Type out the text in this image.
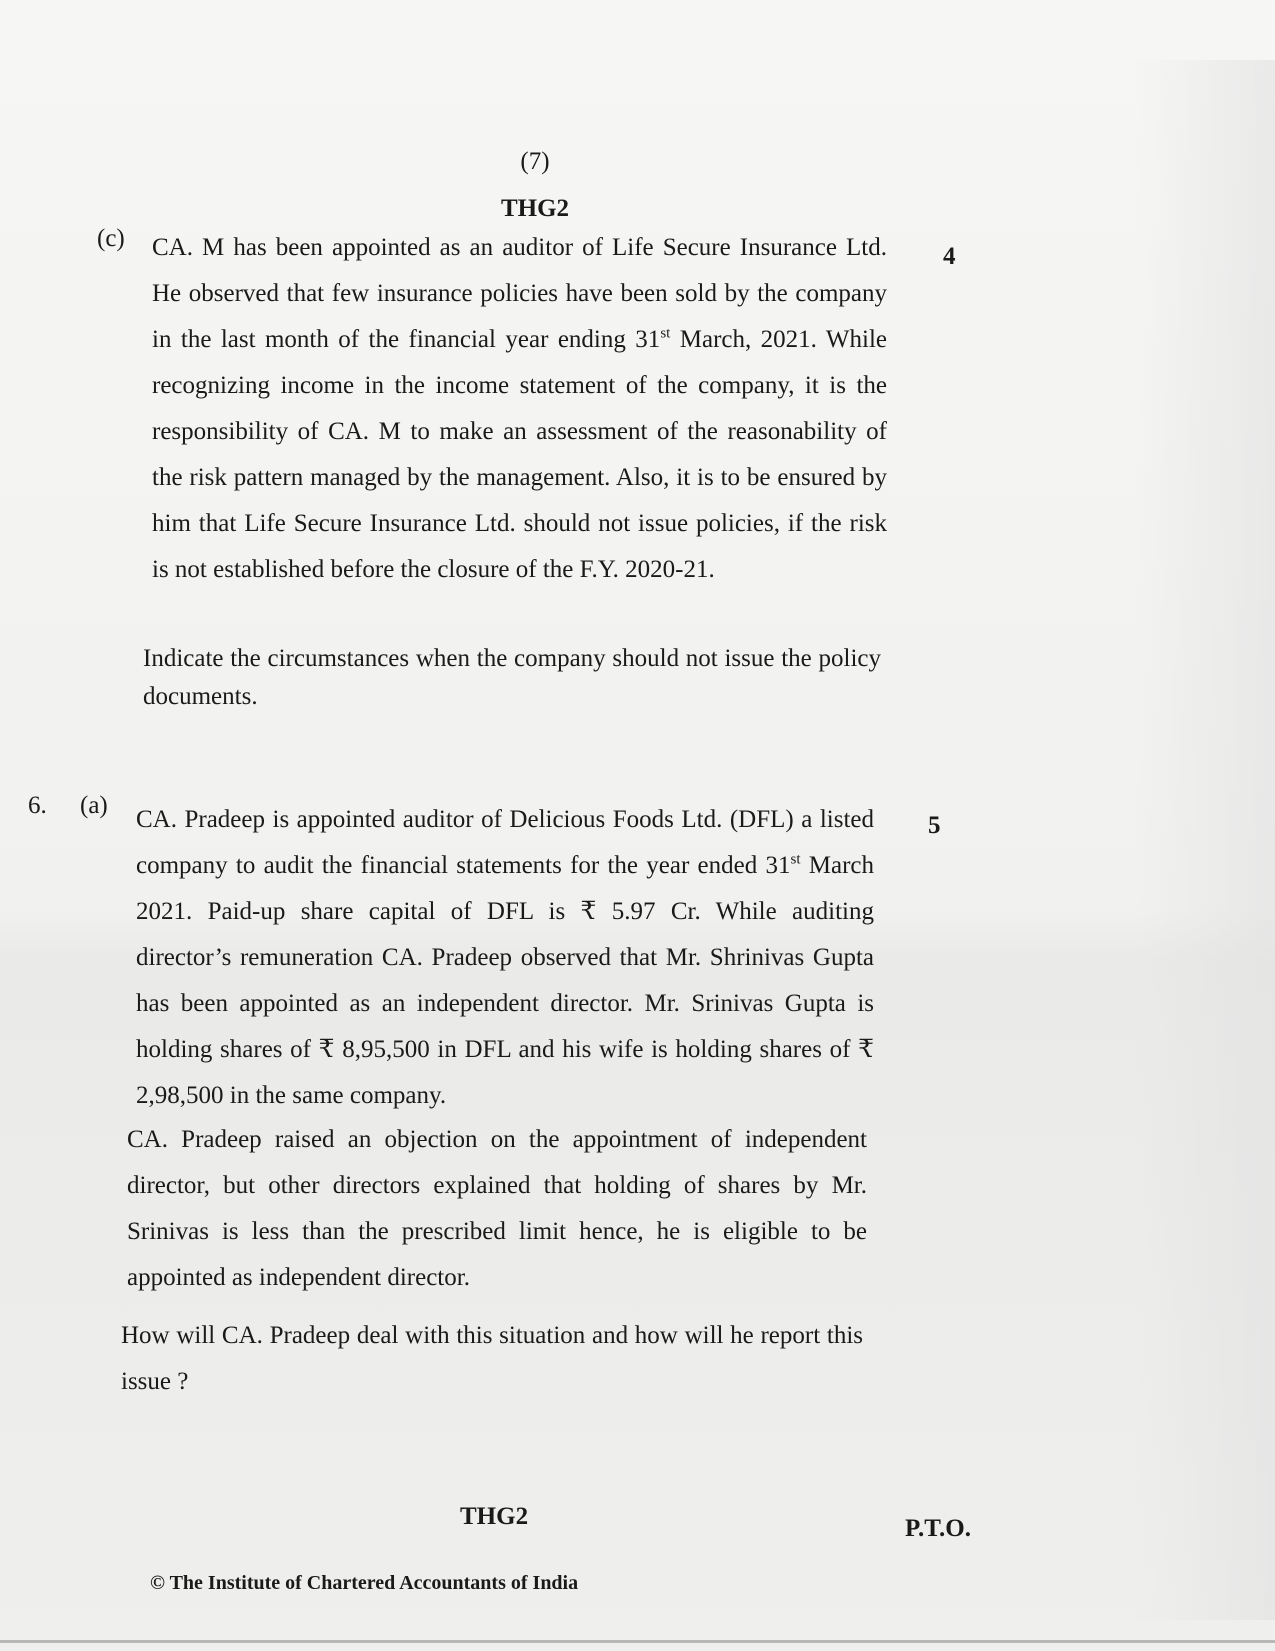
(7)
THG2
(c)
4
CA. M has been appointed as an auditor of Life Secure Insurance Ltd. He observed that few insurance policies have been sold by the company in the last month of the financial year ending 31st March, 2021. While recognizing income in the income statement of the company, it is the responsibility of CA. M to make an assessment of the reasonability of the risk pattern managed by the management. Also, it is to be ensured by him that Life Secure Insurance Ltd. should not issue policies, if the risk is not established before the closure of the F.Y. 2020-21.
Indicate the circumstances when the company should not issue the policy documents.
6. (a)
5
CA. Pradeep is appointed auditor of Delicious Foods Ltd. (DFL) a listed company to audit the financial statements for the year ended 31st March 2021. Paid-up share capital of DFL is ₹ 5.97 Cr. While auditing director’s remuneration CA. Pradeep observed that Mr. Shrinivas Gupta has been appointed as an independent director. Mr. Srinivas Gupta is holding shares of ₹ 8,95,500 in DFL and his wife is holding shares of ₹ 2,98,500 in the same company.
CA. Pradeep raised an objection on the appointment of independent director, but other directors explained that holding of shares by Mr. Srinivas is less than the prescribed limit hence, he is eligible to be appointed as independent director.
How will CA. Pradeep deal with this situation and how will he report this issue ?
THG2	P.T.O.
© The Institute of Chartered Accountants of India
